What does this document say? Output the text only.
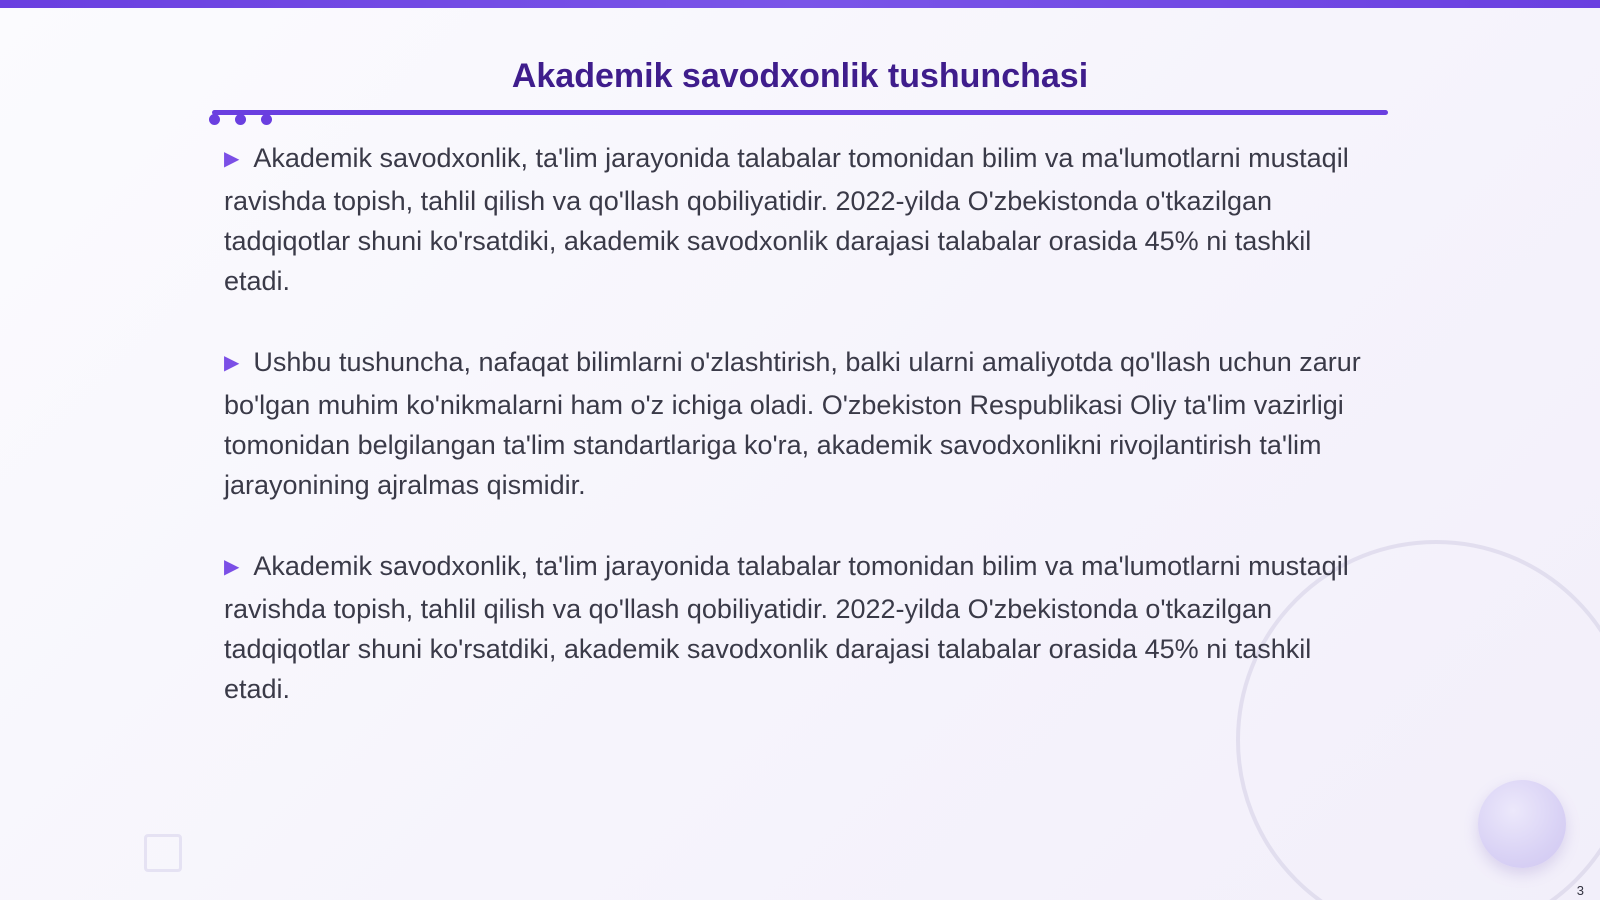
Akademik savodxonlik tushunchasi

▶ Akademik savodxonlik, ta'lim jarayonida talabalar tomonidan bilim va ma'lumotlarni mustaqil ravishda topish, tahlil qilish va qo'llash qobiliyatidir. 2022-yilda O'zbekistonda o'tkazilgan tadqiqotlar shuni ko'rsatdiki, akademik savodxonlik darajasi talabalar orasida 45% ni tashkil etadi.

▶ Ushbu tushuncha, nafaqat bilimlarni o'zlashtirish, balki ularni amaliyotda qo'llash uchun zarur bo'lgan muhim ko'nikmalarni ham o'z ichiga oladi. O'zbekiston Respublikasi Oliy ta'lim vazirligi tomonidan belgilangan ta'lim standartlariga ko'ra, akademik savodxonlikni rivojlantirish ta'lim jarayonining ajralmas qismidir.

▶ Akademik savodxonlik, ta'lim jarayonida talabalar tomonidan bilim va ma'lumotlarni mustaqil ravishda topish, tahlil qilish va qo'llash qobiliyatidir. 2022-yilda O'zbekistonda o'tkazilgan tadqiqotlar shuni ko'rsatdiki, akademik savodxonlik darajasi talabalar orasida 45% ni tashkil etadi.

3
